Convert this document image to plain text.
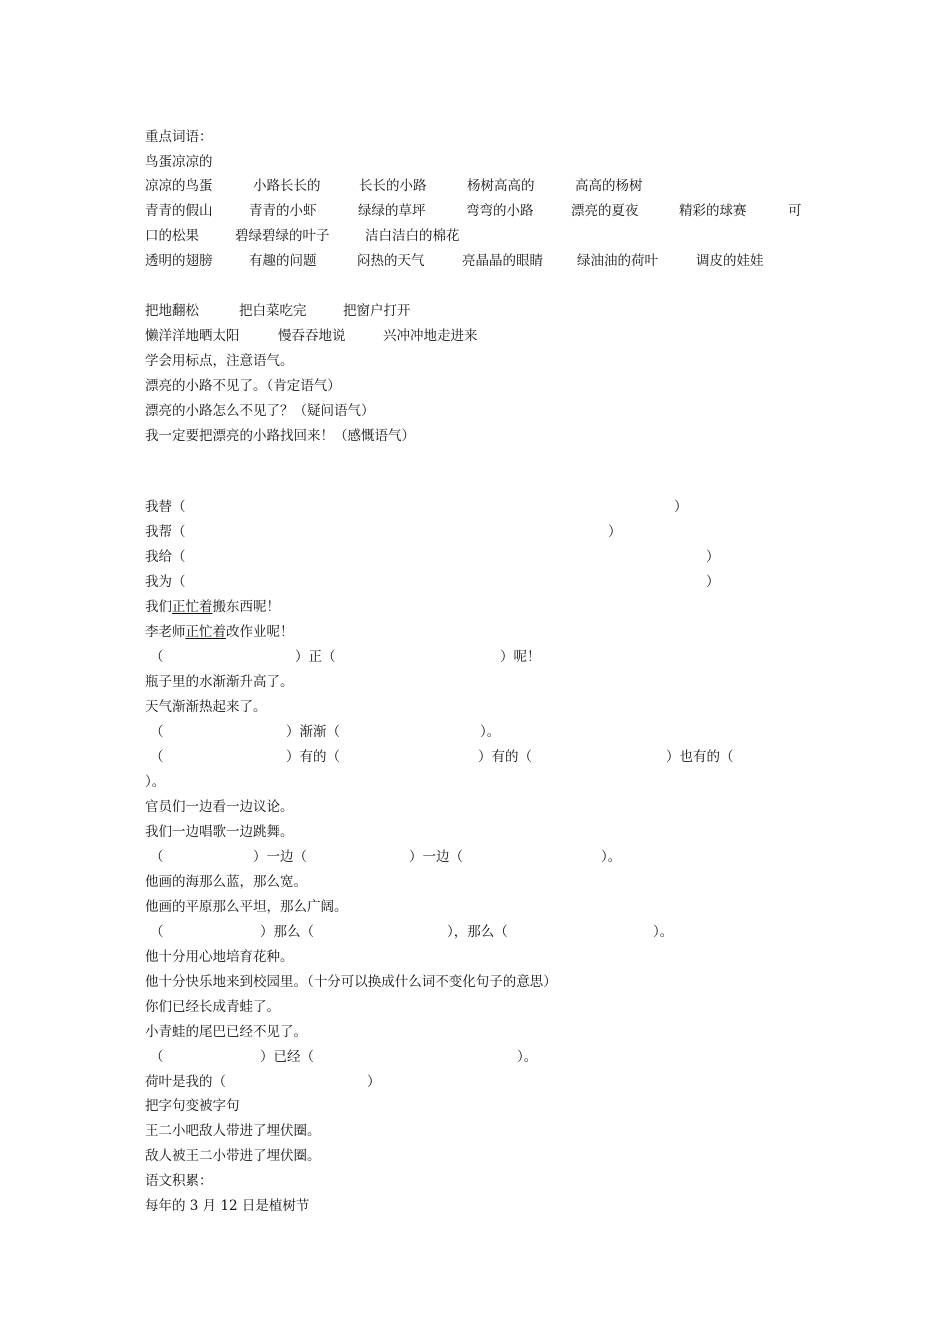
重点词语：

鸟蛋凉凉的

凉凉的鸟蛋	小路长长的	长长的小路	杨树高高的	高高的杨树
青青的假山	青青的小虾	绿绿的草坪	弯弯的小路	漂亮的夏夜	精彩的球赛	可
口的松果	碧绿碧绿的叶子	洁白洁白的棉花
透明的翅膀	有趣的问题	闷热的天气	亮晶晶的眼睛	绿油油的荷叶	调皮的娃娃
把地翻松	把白菜吃完	把窗户打开
懒洋洋地晒太阳	慢吞吞地说	兴冲冲地走进来

学会用标点，注意语气。

漂亮的小路不见了。（肯定语气）

漂亮的小路怎么不见了？（疑问语气）

我一定要把漂亮的小路找回来！（感慨语气）

我替（	）
我帮（	）
我给（	）
我为（	）

我们正忙着搬东西呢！

李老师正忙着改作业呢！

（	）正（	）呢！

瓶子里的水渐渐升高了。

天气渐渐热起来了。

（	）渐渐（	）。
（	）有的（	）有的（	）也有的（

）。

官员们一边看一边议论。

我们一边唱歌一边跳舞。

（	）一边（	）一边（	）。

他画的海那么蓝，那么宽。

他画的平原那么平坦，那么广阔。

（	）那么（	），那么（	）。

他十分用心地培育花种。

他十分快乐地来到校园里。（十分可以换成什么词不变化句子的意思）

你们已经长成青蛙了。

小青蛙的尾巴已经不见了。

（	）已经（	）。
荷叶是我的（	）

把字句变被字句

王二小吧敌人带进了埋伏圈。

敌人被王二小带进了埋伏圈。

语文积累：

每年的 3 月 12 日是植树节
